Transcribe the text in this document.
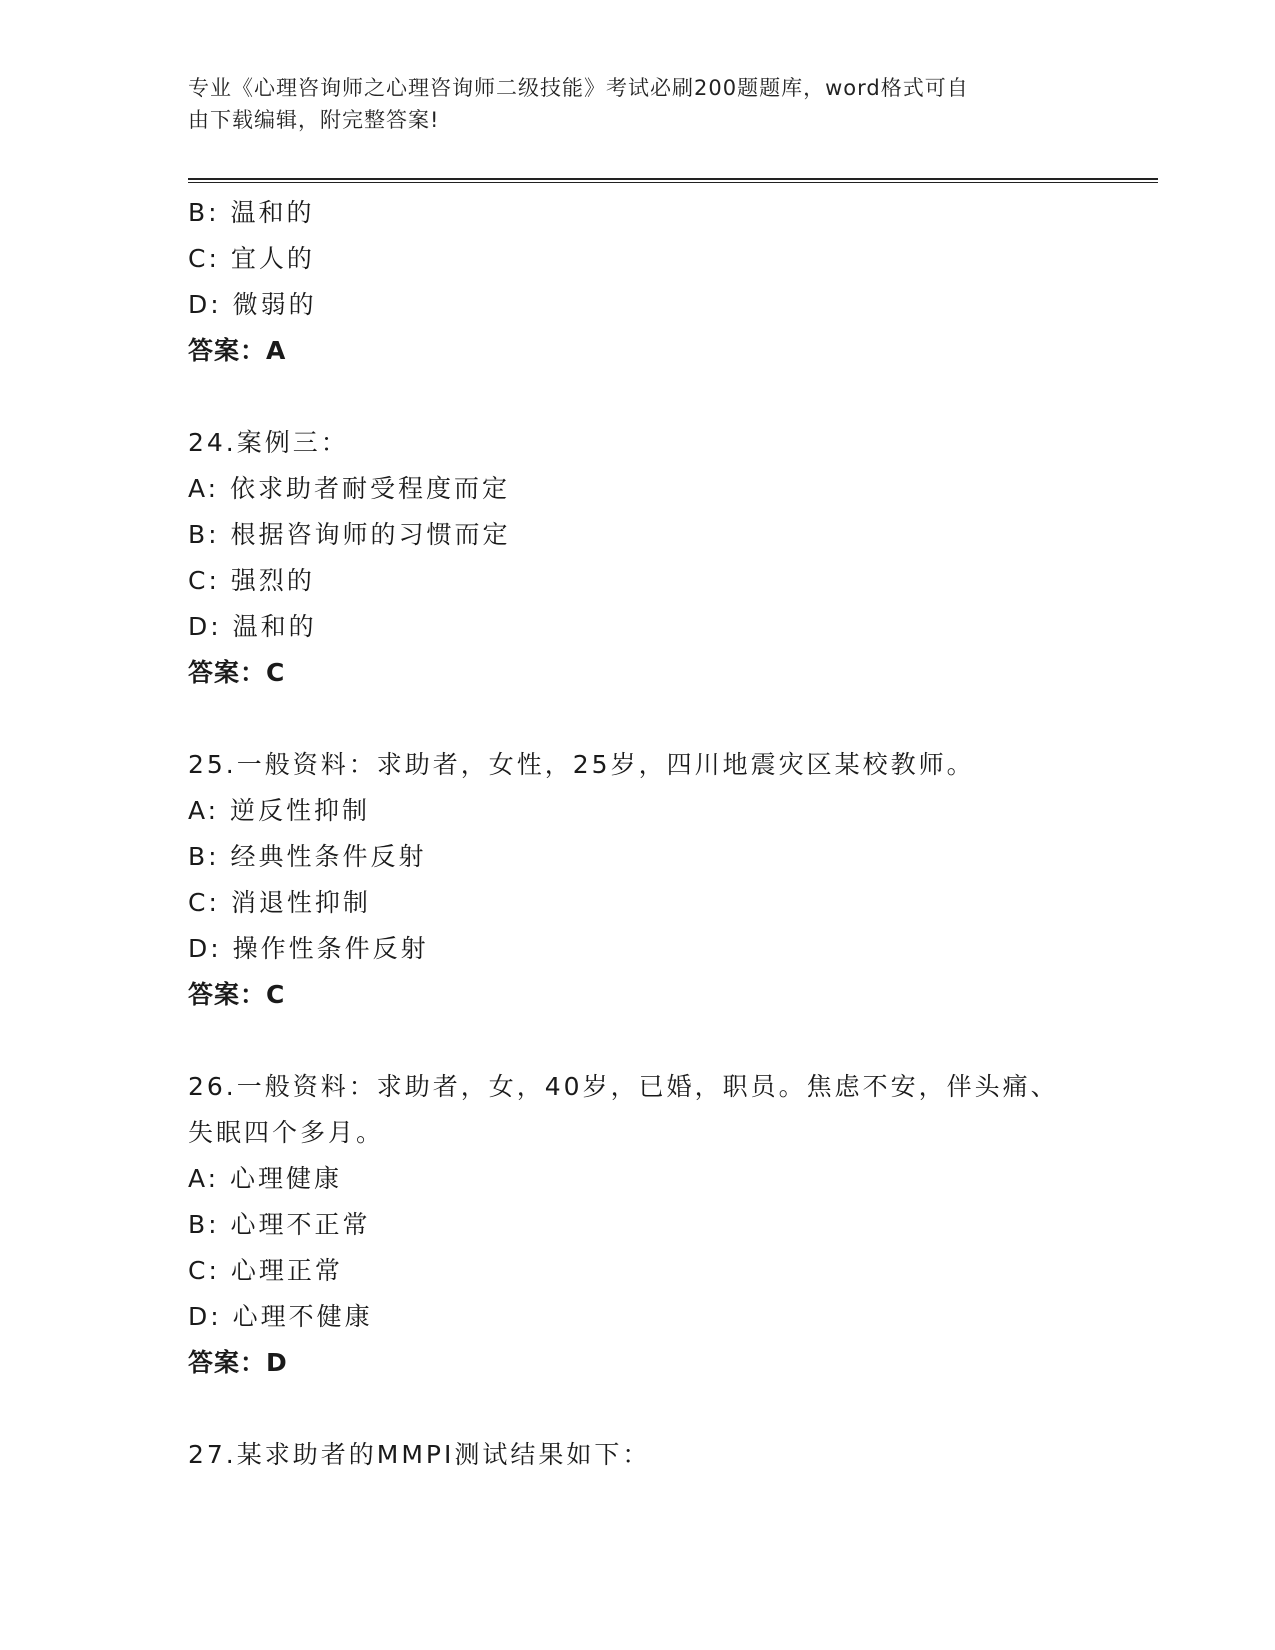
专业《心理咨询师之心理咨询师二级技能》考试必刷200题题库，word格式可自
由下载编辑，附完整答案!
B: 温和的
C: 宜人的
D: 微弱的
答案：A
24.案例三：
A: 依求助者耐受程度而定
B: 根据咨询师的习惯而定
C: 强烈的
D: 温和的
答案：C
25.一般资料：求助者，女性，25岁，四川地震灾区某校教师。
A: 逆反性抑制
B: 经典性条件反射
C: 消退性抑制
D: 操作性条件反射
答案：C
26.一般资料：求助者，女，40岁，已婚，职员。焦虑不安，伴头痛、
失眠四个多月。
A: 心理健康
B: 心理不正常
C: 心理正常
D: 心理不健康
答案：D
27.某求助者的MMPI测试结果如下：
